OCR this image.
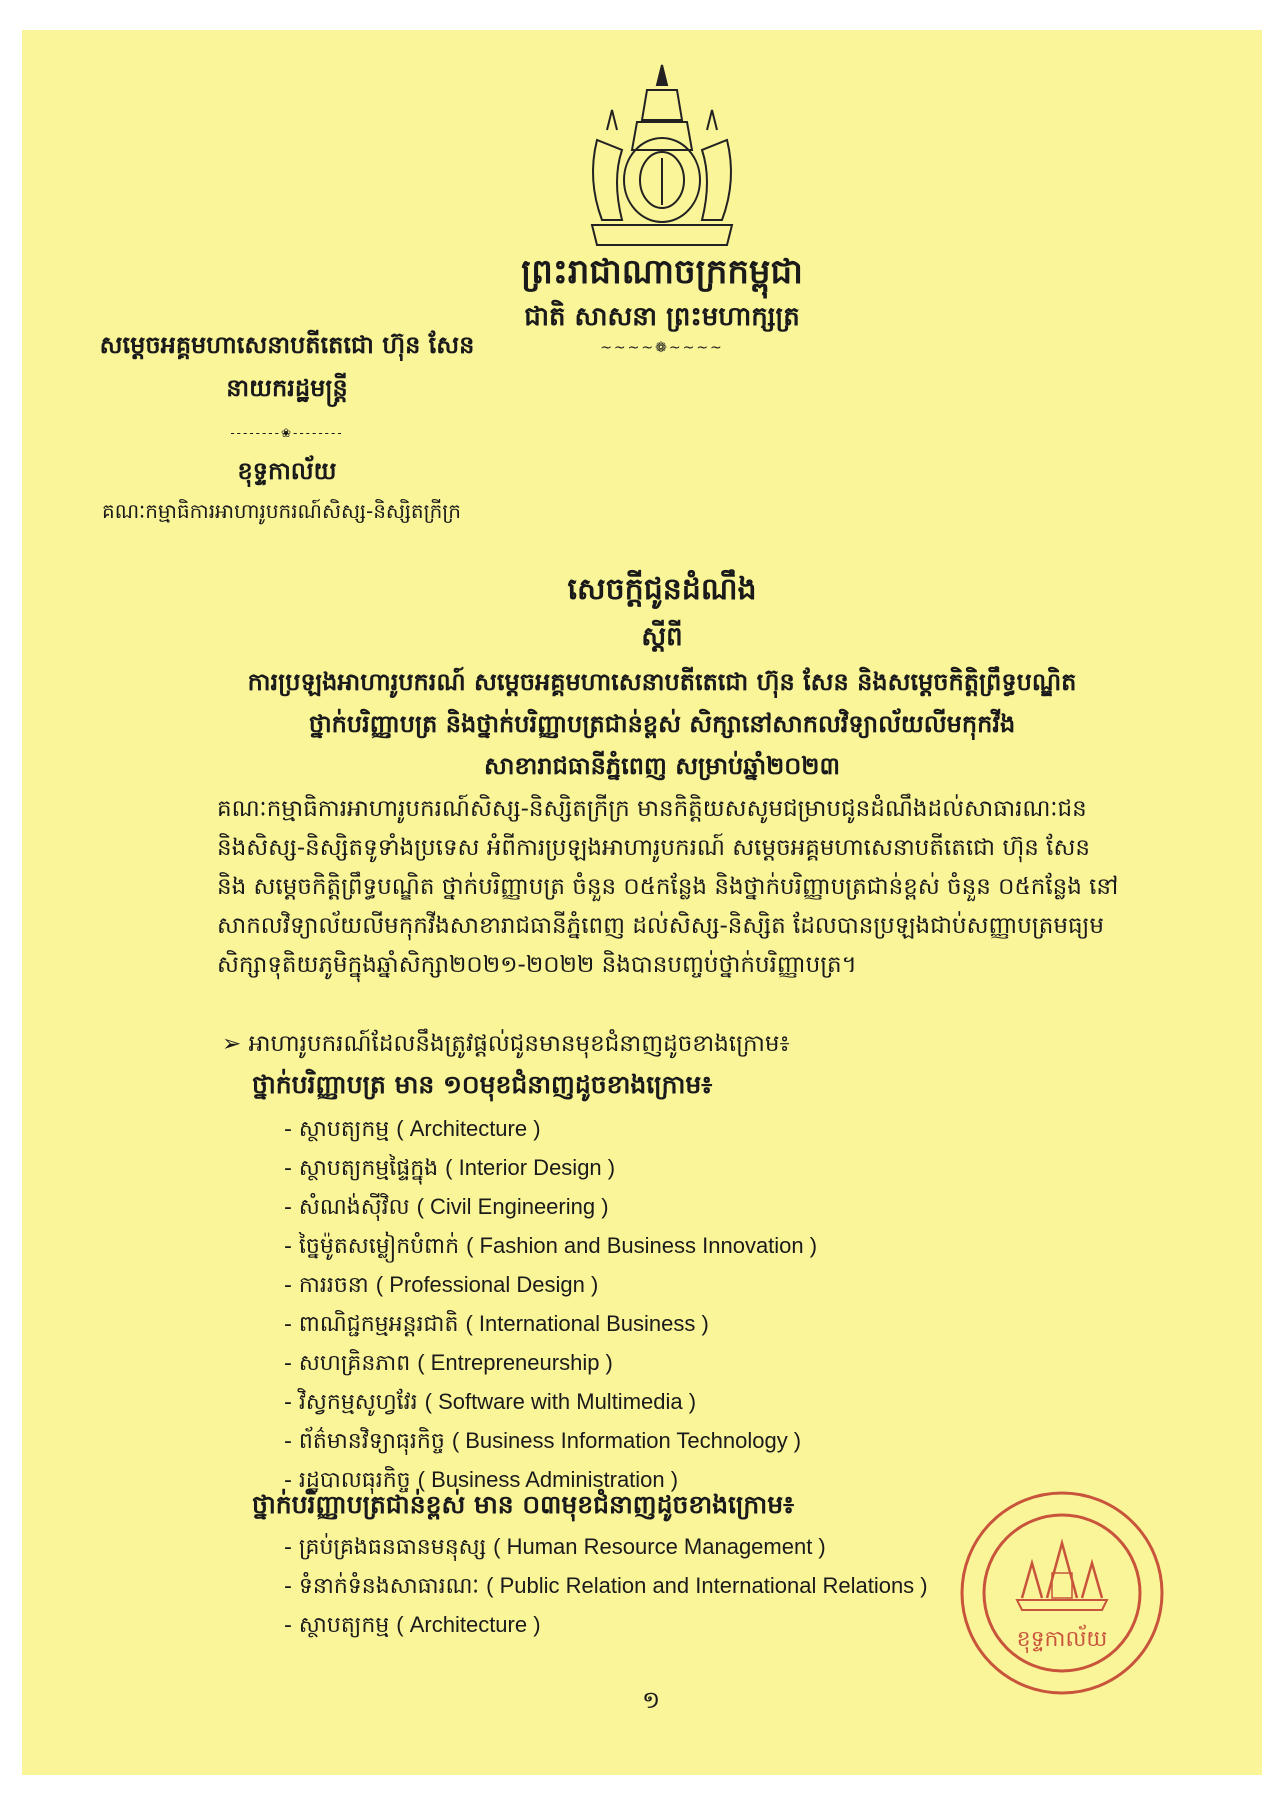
ព្រះរាជាណាចក្រកម្ពុជា
ជាតិ សាសនា ព្រះមហាក្សត្រ
~~~~❁~~~~
សម្តេចអគ្គមហាសេនាបតីតេជោ ហ៊ុន សែន
នាយករដ្ឋមន្ត្រី
--------❀--------
ខុទ្ទកាល័យ
គណៈកម្មាធិការអាហារូបករណ៍សិស្ស-និស្សិតក្រីក្រ
សេចក្តីជូនដំណឹង
ស្តីពី
ការប្រឡងអាហារូបករណ៍ សម្តេចអគ្គមហាសេនាបតីតេជោ ហ៊ុន សែន និងសម្តេចកិត្តិព្រឹទ្ធបណ្ឌិត
ថ្នាក់បរិញ្ញាបត្រ និងថ្នាក់បរិញ្ញាបត្រជាន់ខ្ពស់ សិក្សានៅសាកលវិទ្យាល័យលីមកុកវីង
សាខារាជធានីភ្នំពេញ សម្រាប់ឆ្នាំ២០២៣
គណៈកម្មាធិការអាហារូបករណ៍សិស្ស-និស្សិតក្រីក្រ មានកិត្តិយសសូមជម្រាបជូនដំណឹងដល់សាធារណៈជន
និងសិស្ស-និស្សិតទូទាំងប្រទេស អំពីការប្រឡងអាហារូបករណ៍ សម្តេចអគ្គមហាសេនាបតីតេជោ ហ៊ុន សែន
និង សម្តេចកិត្តិព្រឹទ្ធបណ្ឌិត ថ្នាក់បរិញ្ញាបត្រ ចំនួន ០៥កន្លែង និងថ្នាក់បរិញ្ញាបត្រជាន់ខ្ពស់ ចំនួន ០៥កន្លែង នៅ
សាកលវិទ្យាល័យលីមកុកវីងសាខារាជធានីភ្នំពេញ ដល់សិស្ស-និស្សិត ដែលបានប្រឡងជាប់សញ្ញាបត្រមធ្យម
សិក្សាទុតិយភូមិក្នុងឆ្នាំសិក្សា២០២១-២០២២ និងបានបញ្ចប់ថ្នាក់បរិញ្ញាបត្រ។
➢ អាហារូបករណ៍ដែលនឹងត្រូវផ្តល់ជូនមានមុខជំនាញដូចខាងក្រោម៖
ថ្នាក់បរិញ្ញាបត្រ មាន ១០មុខជំនាញដូចខាងក្រោម៖
- ស្ថាបត្យកម្ម ( Architecture )
- ស្ថាបត្យកម្មផ្ទៃក្នុង ( Interior Design )
- សំណង់ស៊ីវិល ( Civil Engineering )
- ច្នៃម៉ូតសម្លៀកបំពាក់ ( Fashion and Business Innovation )
- ការរចនា ( Professional Design )
- ពាណិជ្ជកម្មអន្តរជាតិ ( International Business )
- សហគ្រិនភាព ( Entrepreneurship )
- វិស្វកម្មសូហ្វវែរ ( Software with Multimedia )
- ព័ត៌មានវិទ្យាធុរកិច្ច ( Business Information Technology )
- រដ្ឋបាលធុរកិច្ច ( Business Administration )
ថ្នាក់បរិញ្ញាបត្រជាន់ខ្ពស់ មាន ០៣មុខជំនាញដូចខាងក្រោម៖
- គ្រប់គ្រងធនធានមនុស្ស ( Human Resource Management )
- ទំនាក់ទំនងសាធារណៈ ( Public Relation and International Relations )
- ស្ថាបត្យកម្ម ( Architecture )
១
ខុទ្ទកាល័យ
